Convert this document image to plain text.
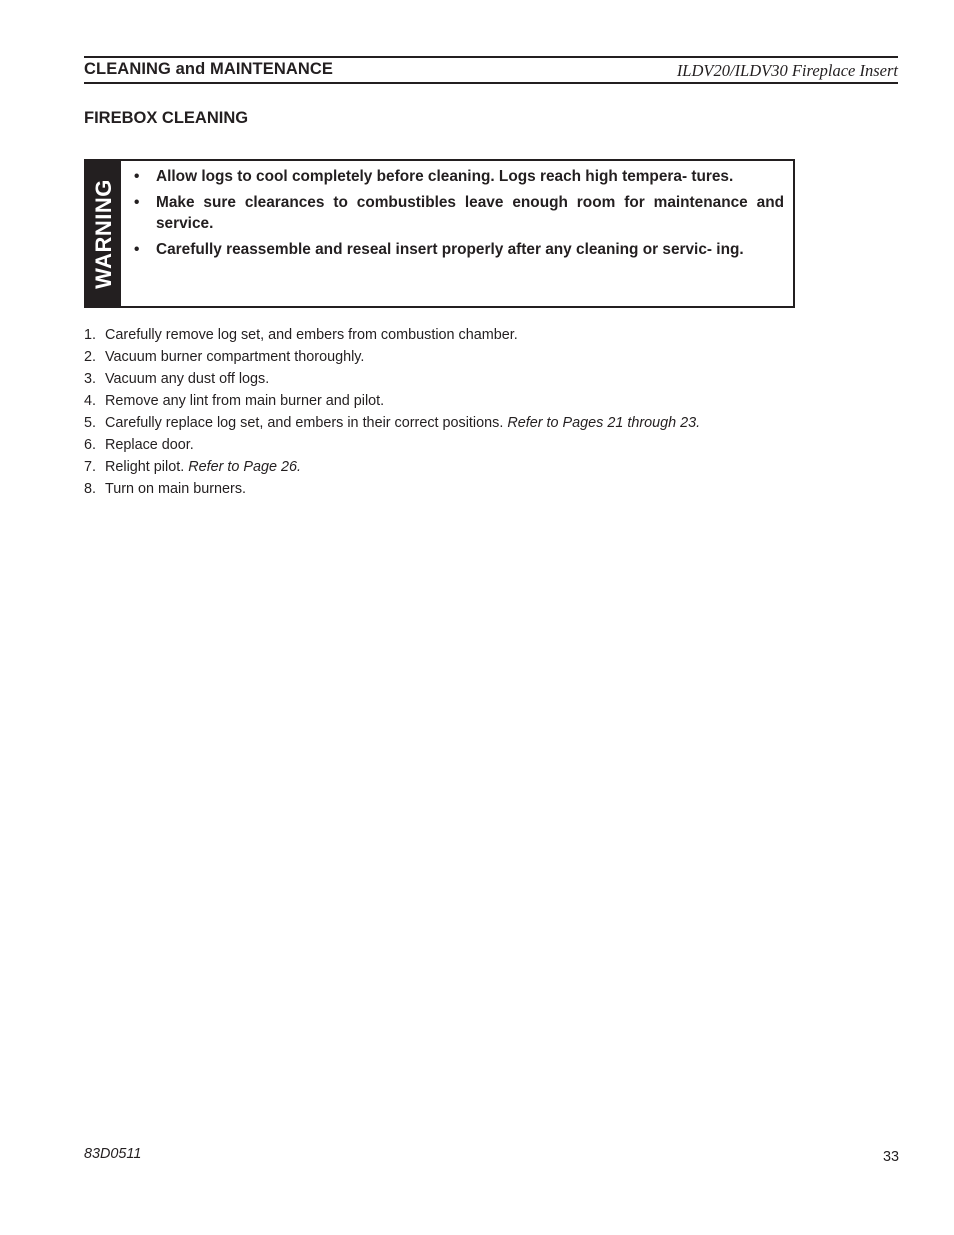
CLEANING and MAINTENANCE	ILDV20/ILDV30 Fireplace Insert
FIREBOX CLEANING
WARNING
• Allow logs to cool completely before cleaning. Logs reach high tempera- tures.
• Make sure clearances to combustibles leave enough room for maintenance and service.
• Carefully reassemble and reseal insert properly after any cleaning or servic- ing.
1. Carefully remove log set, and embers from combustion chamber.
2. Vacuum burner compartment thoroughly.
3. Vacuum any dust off logs.
4. Remove any lint from main burner and pilot.
5. Carefully replace log set, and embers in their correct positions. Refer to Pages 21 through 23.
6. Replace door.
7. Relight pilot. Refer to Page 26.
8. Turn on main burners.
83D0511	33
